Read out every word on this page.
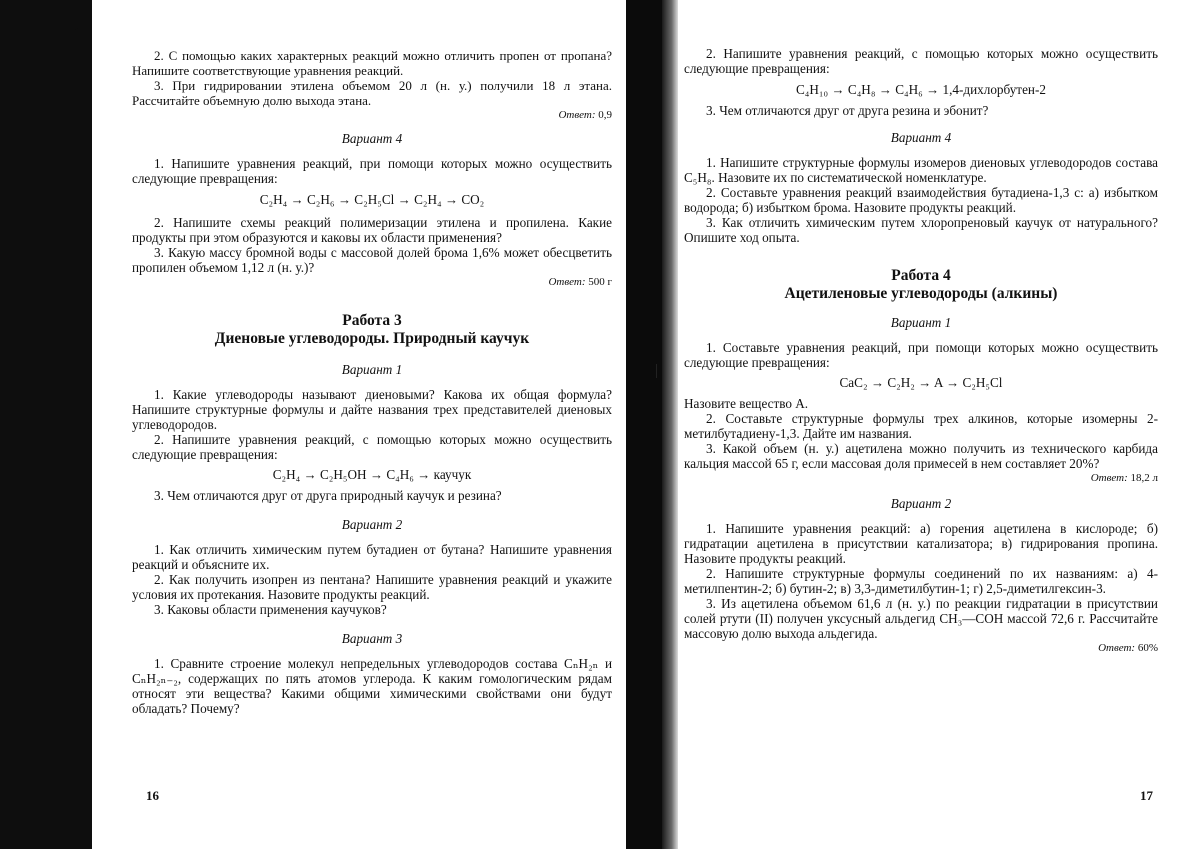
2. С помощью каких характерных реакций можно отличить пропен от пропана? Напишите соответствующие уравнения реакций.

3. При гидрировании этилена объемом 20 л (н. у.) получили 18 л этана. Рассчитайте объемную долю выхода этана.

Ответ: 0,9

Вариант 4

1. Напишите уравнения реакций, при помощи которых можно осуществить следующие превращения:

C₂H₄ → C₂H₆ → C₂H₅Cl → C₂H₄ → CO₂

2. Напишите схемы реакций полимеризации этилена и пропилена. Какие продукты при этом образуются и каковы их области применения?

3. Какую массу бромной воды с массовой долей брома 1,6% может обесцветить пропилен объемом 1,12 л (н. у.)?

Ответ: 500 г

Работа 3

Диеновые углеводороды. Природный каучук

Вариант 1

1. Какие углеводороды называют диеновыми? Какова их общая формула? Напишите структурные формулы и дайте названия трех представителей диеновых углеводородов.

2. Напишите уравнения реакций, с помощью которых можно осуществить следующие превращения:

C₂H₄ → C₂H₅OH → C₄H₆ → каучук

3. Чем отличаются друг от друга природный каучук и резина?

Вариант 2

1. Как отличить химическим путем бутадиен от бутана? Напишите уравнения реакций и объясните их.

2. Как получить изопрен из пентана? Напишите уравнения реакций и укажите условия их протекания. Назовите продукты реакций.

3. Каковы области применения каучуков?

Вариант 3

1. Сравните строение молекул непредельных углеводородов состава CₙH₂ₙ и CₙH₂ₙ₋₂, содержащих по пять атомов углерода. К каким гомологическим рядам относят эти вещества? Какими общими химическими свойствами они будут обладать? Почему?

16

2. Напишите уравнения реакций, с помощью которых можно осуществить следующие превращения:

C₄H₁₀ → C₄H₈ → C₄H₆ → 1,4-дихлорбутен-2

3. Чем отличаются друг от друга резина и эбонит?

Вариант 4

1. Напишите структурные формулы изомеров диеновых углеводородов состава C₅H₈. Назовите их по систематической номенклатуре.

2. Составьте уравнения реакций взаимодействия бутадиена-1,3 с: а) избытком водорода; б) избытком брома. Назовите продукты реакций.

3. Как отличить химическим путем хлоропреновый каучук от натурального? Опишите ход опыта.

Работа 4

Ацетиленовые углеводороды (алкины)

Вариант 1

1. Составьте уравнения реакций, при помощи которых можно осуществить следующие превращения:

CaC₂ → C₂H₂ → A → C₂H₅Cl

Назовите вещество А.

2. Составьте структурные формулы трех алкинов, которые изомерны 2-метилбутадиену-1,3. Дайте им названия.

3. Какой объем (н. у.) ацетилена можно получить из технического карбида кальция массой 65 г, если массовая доля примесей в нем составляет 20%?

Ответ: 18,2 л

Вариант 2

1. Напишите уравнения реакций: а) горения ацетилена в кислороде; б) гидратации ацетилена в присутствии катализатора; в) гидрирования пропина. Назовите продукты реакций.

2. Напишите структурные формулы соединений по их названиям: а) 4-метилпентин-2; б) бутин-2; в) 3,3-диметилбутин-1; г) 2,5-диметилгексин-3.

3. Из ацетилена объемом 61,6 л (н. у.) по реакции гидратации в присутствии солей ртути (II) получен уксусный альдегид CH₃—COH массой 72,6 г. Рассчитайте массовую долю выхода альдегида.

Ответ: 60%

17
